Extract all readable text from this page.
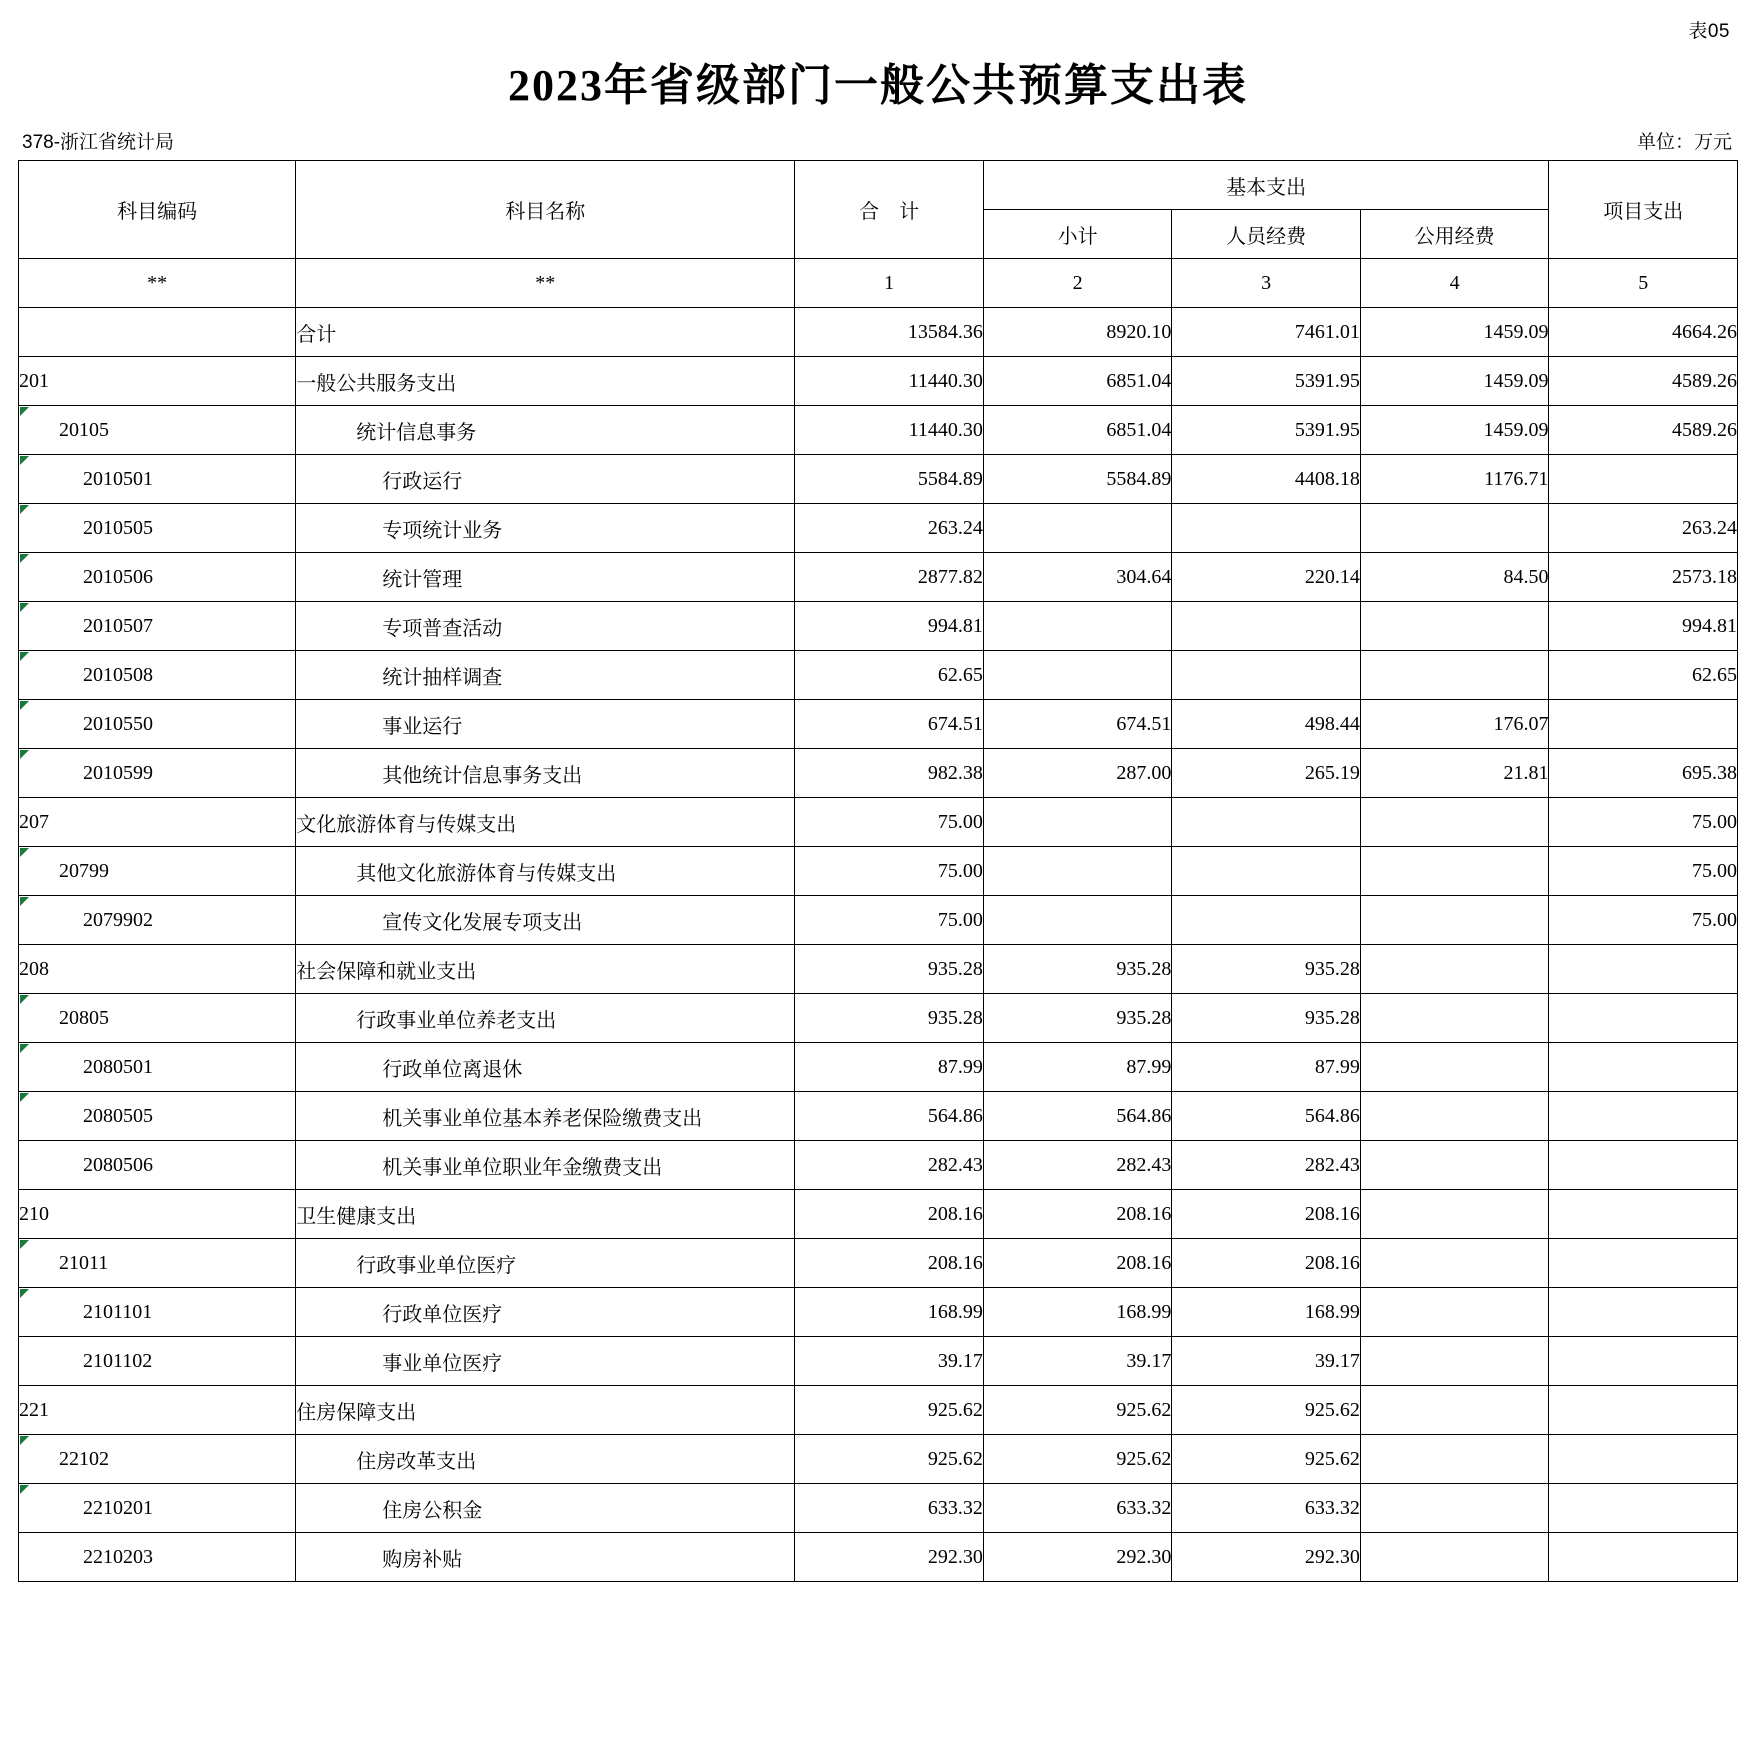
表05
2023年省级部门一般公共预算支出表
378-浙江省统计局	单位：万元
科目编码	科目名称	合　计	基本支出			项目支出
			小计	人员经费	公用经费	
**	**	1	2	3	4	5
	合计	13584.36	8920.10	7461.01	1459.09	4664.26
201	一般公共服务支出	11440.30	6851.04	5391.95	1459.09	4589.26

20105	统计信息事务	11440.30	6851.04	5391.95	1459.09	4589.26

2010501	行政运行	5584.89	5584.89	4408.18	1176.71	

2010505	专项统计业务	263.24				263.24

2010506	统计管理	2877.82	304.64	220.14	84.50	2573.18

2010507	专项普查活动	994.81				994.81

2010508	统计抽样调查	62.65				62.65

2010550	事业运行	674.51	674.51	498.44	176.07	

2010599	其他统计信息事务支出	982.38	287.00	265.19	21.81	695.38
207	文化旅游体育与传媒支出	75.00				75.00

20799	其他文化旅游体育与传媒支出	75.00				75.00

2079902	宣传文化发展专项支出	75.00				75.00
208	社会保障和就业支出	935.28	935.28	935.28		

20805	行政事业单位养老支出	935.28	935.28	935.28		

2080501	行政单位离退休	87.99	87.99	87.99		

2080505	机关事业单位基本养老保险缴费支出	564.86	564.86	564.86		
2080506	机关事业单位职业年金缴费支出	282.43	282.43	282.43		
210	卫生健康支出	208.16	208.16	208.16		

21011	行政事业单位医疗	208.16	208.16	208.16		

2101101	行政单位医疗	168.99	168.99	168.99		
2101102	事业单位医疗	39.17	39.17	39.17		
221	住房保障支出	925.62	925.62	925.62		

22102	住房改革支出	925.62	925.62	925.62		

2210201	住房公积金	633.32	633.32	633.32		
2210203	购房补贴	292.30	292.30	292.30		
